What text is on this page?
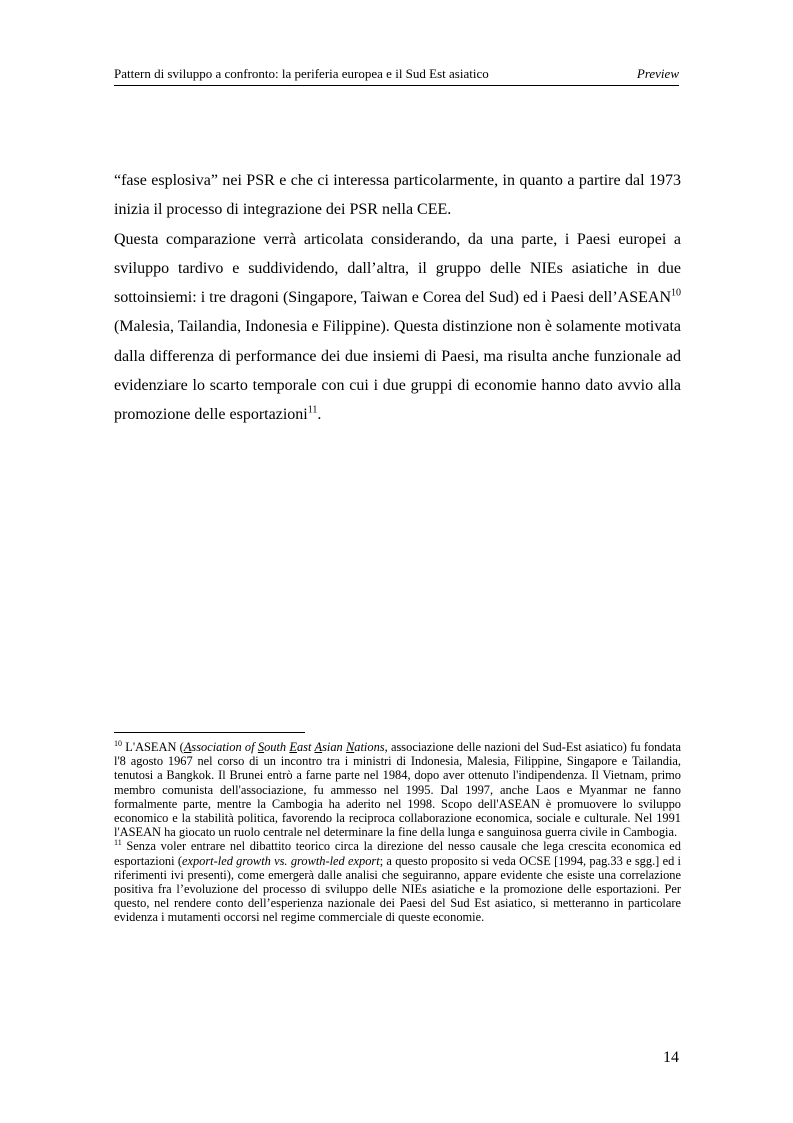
Pattern di sviluppo a confronto: la periferia europea e il Sud Est asiatico	Preview

“fase esplosiva” nei PSR e che ci interessa particolarmente, in quanto a partire dal 1973 inizia il processo di integrazione dei PSR nella CEE.

Questa comparazione verrà articolata considerando, da una parte, i Paesi europei a sviluppo tardivo e suddividendo, dall’altra, il gruppo delle NIEs asiatiche in due sottoinsiemi: i tre dragoni (Singapore, Taiwan e Corea del Sud) ed i Paesi dell’ASEAN$^{10}$ (Malesia, Tailandia, Indonesia e Filippine). Questa distinzione non è solamente motivata dalla differenza di performance dei due insiemi di Paesi, ma risulta anche funzionale ad evidenziare lo scarto temporale con cui i due gruppi di economie hanno dato avvio alla promozione delle esportazioni$^{11}$.

$^{10}$ L'ASEAN (Association of South East Asian Nations, associazione delle nazioni del Sud-Est asiatico) fu fondata l'8 agosto 1967 nel corso di un incontro tra i ministri di Indonesia, Malesia, Filippine, Singapore e Tailandia, tenutosi a Bangkok. Il Brunei entrò a farne parte nel 1984, dopo aver ottenuto l'indipendenza. Il Vietnam, primo membro comunista dell'associazione, fu ammesso nel 1995. Dal 1997, anche Laos e Myanmar ne fanno formalmente parte, mentre la Cambogia ha aderito nel 1998. Scopo dell'ASEAN è promuovere lo sviluppo economico e la stabilità politica, favorendo la reciproca collaborazione economica, sociale e culturale. Nel 1991 l'ASEAN ha giocato un ruolo centrale nel determinare la fine della lunga e sanguinosa guerra civile in Cambogia.

$^{11}$ Senza voler entrare nel dibattito teorico circa la direzione del nesso causale che lega crescita economica ed esportazioni (export-led growth vs. growth-led export; a questo proposito si veda OCSE [1994, pag.33 e sgg.] ed i riferimenti ivi presenti), come emergerà dalle analisi che seguiranno, appare evidente che esiste una correlazione positiva fra l’evoluzione del processo di sviluppo delle NIEs asiatiche e la promozione delle esportazioni. Per questo, nel rendere conto dell’esperienza nazionale dei Paesi del Sud Est asiatico, si metteranno in particolare evidenza i mutamenti occorsi nel regime commerciale di queste economie.

14
